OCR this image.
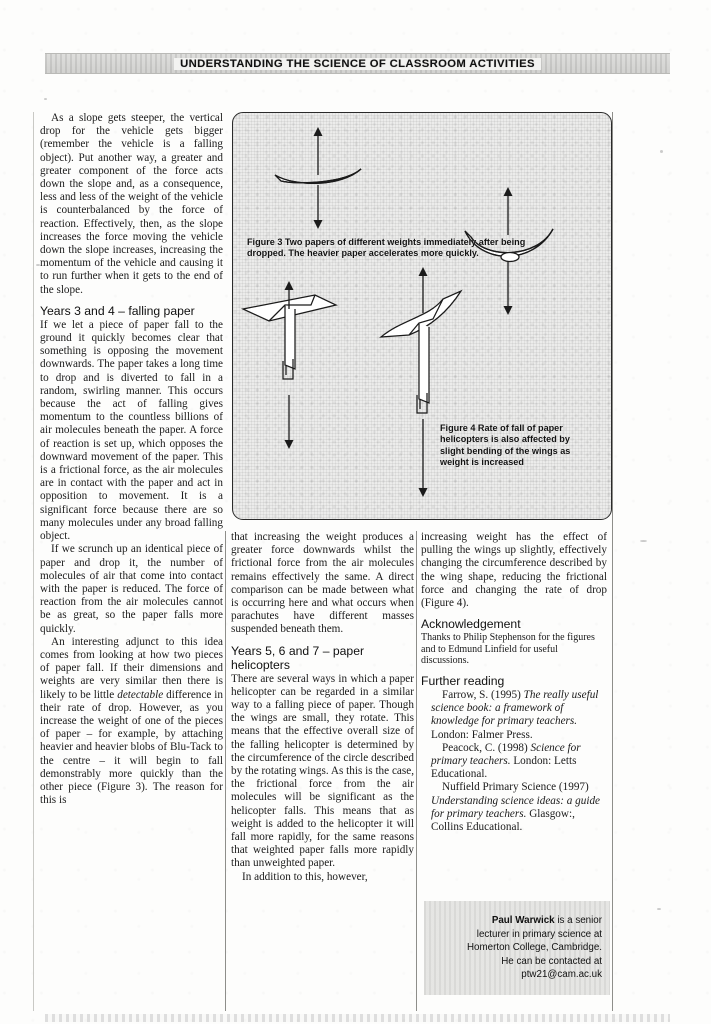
UNDERSTANDING THE SCIENCE OF CLASSROOM ACTIVITIES

As a slope gets steeper, the vertical drop for the vehicle gets bigger (remember the vehicle is a falling object). Put another way, a greater and greater component of the force acts down the slope and, as a consequence, less and less of the weight of the vehicle is counterbalanced by the force of reaction. Effectively, then, as the slope increases the force moving the vehicle down the slope increases, increasing the momentum of the vehicle and causing it to run further when it gets to the end of the slope.

Years 3 and 4 – falling paper

If we let a piece of paper fall to the ground it quickly becomes clear that something is opposing the movement downwards. The paper takes a long time to drop and is diverted to fall in a random, swirling manner. This occurs because the act of falling gives momentum to the countless billions of air molecules beneath the paper. A force of reaction is set up, which opposes the downward movement of the paper. This is a frictional force, as the air molecules are in contact with the paper and act in opposition to movement. It is a significant force because there are so many molecules under any broad falling object.

If we scrunch up an identical piece of paper and drop it, the number of molecules of air that come into contact with the paper is reduced. The force of reaction from the air molecules cannot be as great, so the paper falls more quickly.

An interesting adjunct to this idea comes from looking at how two pieces of paper fall. If their dimensions and weights are very similar then there is likely to be little detectable difference in their rate of drop. However, as you increase the weight of one of the pieces of paper – for example, by attaching heavier and heavier blobs of Blu-Tack to the centre – it will begin to fall demonstrably more quickly than the other piece (Figure 3). The reason for this is

that increasing the weight produces a greater force downwards whilst the frictional force from the air molecules remains effectively the same. A direct comparison can be made between what is occurring here and what occurs when parachutes have different masses suspended beneath them.

Years 5, 6 and 7 – paper helicopters

There are several ways in which a paper helicopter can be regarded in a similar way to a falling piece of paper. Though the wings are small, they rotate. This means that the effective overall size of the falling helicopter is determined by the circumference of the circle described by the rotating wings. As this is the case, the frictional force from the air molecules will be significant as the helicopter falls. This means that as weight is added to the helicopter it will fall more rapidly, for the same reasons that weighted paper falls more rapidly than unweighted paper.

In addition to this, however,

increasing weight has the effect of pulling the wings up slightly, effectively changing the circumference described by the wing shape, reducing the frictional force and changing the rate of drop (Figure 4).

Acknowledgement

Thanks to Philip Stephenson for the figures and to Edmund Linfield for useful discussions.

Further reading

Farrow, S. (1995) The really useful science book: a framework of knowledge for primary teachers. London: Falmer Press.

Peacock, C. (1998) Science for primary teachers. London: Letts Educational.

Nuffield Primary Science (1997) Understanding science ideas: a guide for primary teachers. Glasgow:, Collins Educational.

Figure 3 Two papers of different weights immediately after being dropped. The heavier paper accelerates more quickly.
Figure 4 Rate of fall of paper helicopters is also affected by slight bending of the wings as weight is increased
Paul Warwick is a senior
lecturer in primary science at
Homerton College, Cambridge.
He can be contacted at
ptw21@cam.ac.uk
